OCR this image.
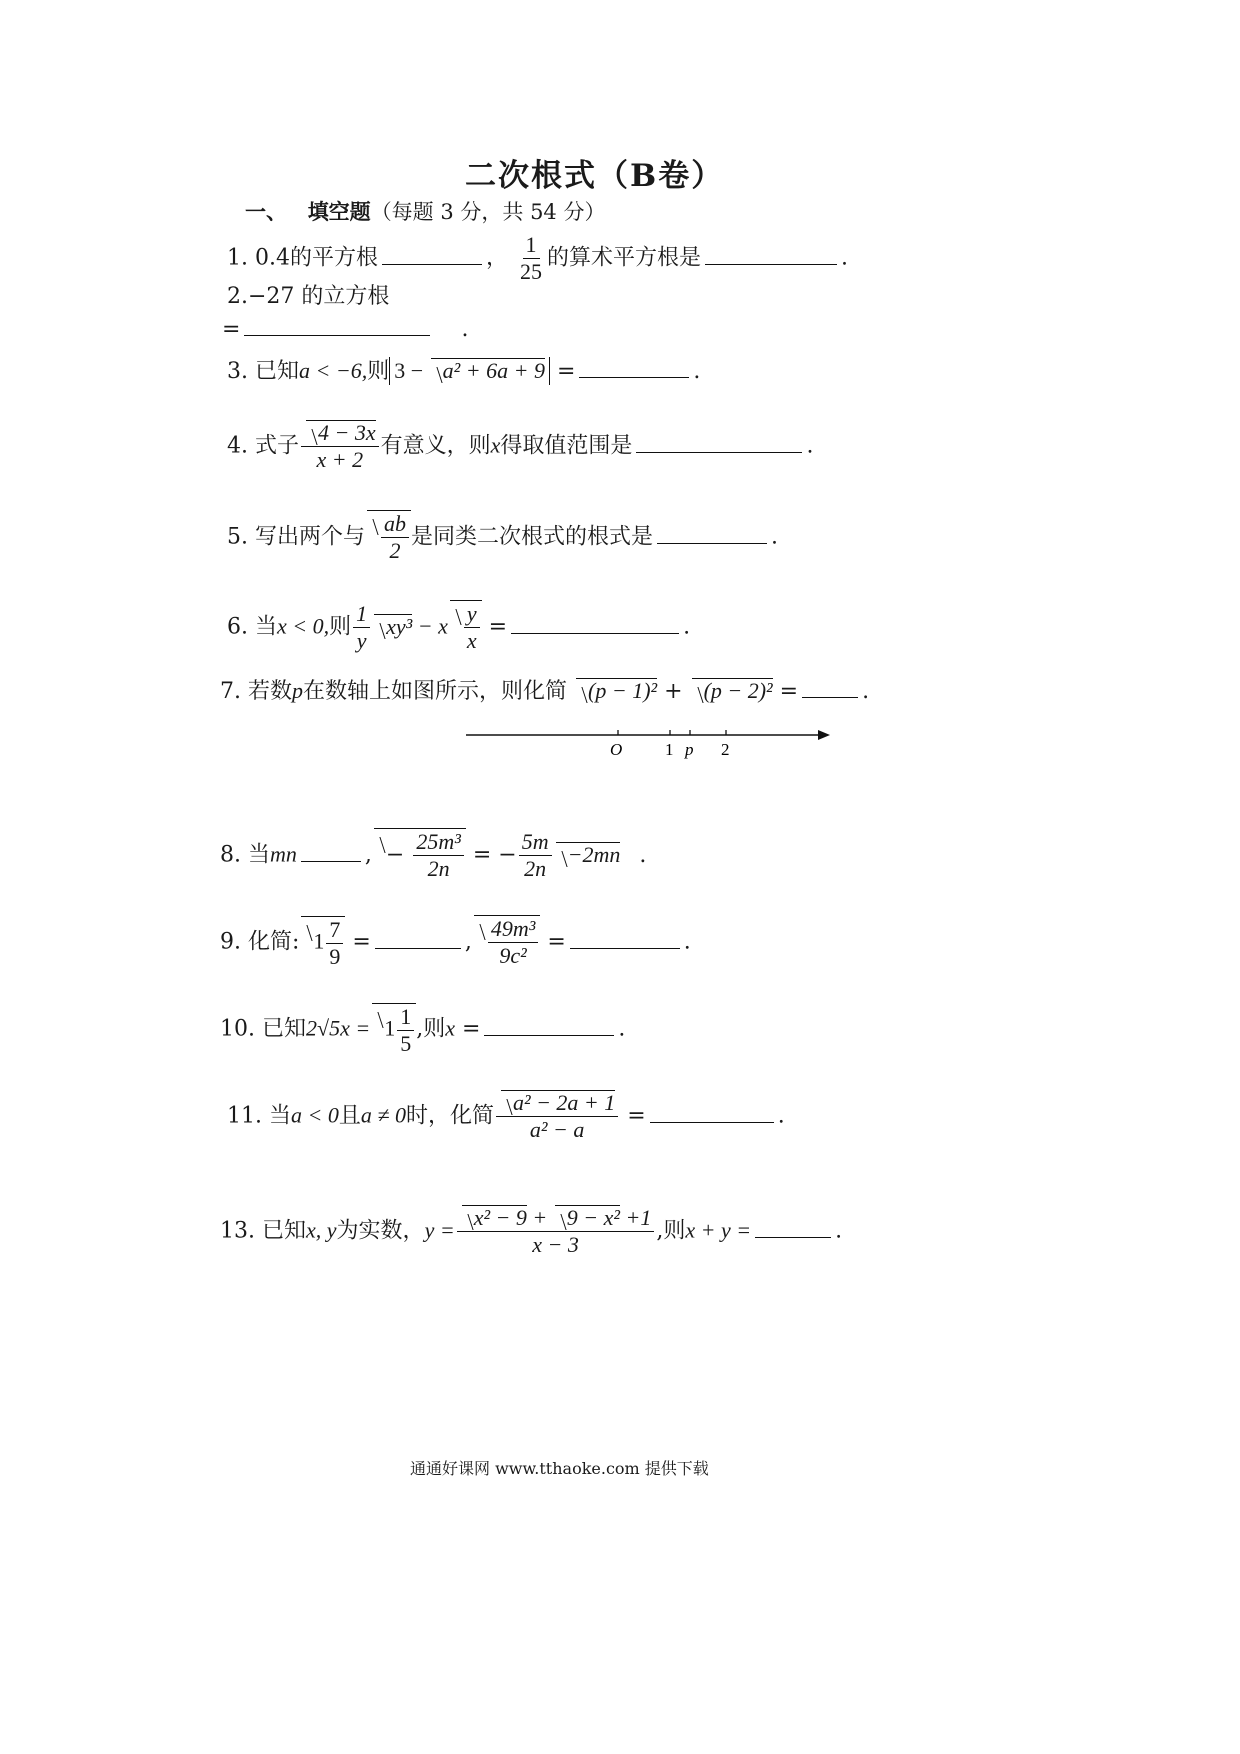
二次根式（B卷）
一、 填空题（每题 3 分，共 54 分）
1. 0.4的平方根	， $\frac{1}{25}$ 的算术平方根是	.
2.−27 的立方根
=	.
3. 已知a < −6,则 3 − a² + 6a + 9 =	.
4. 式子 $\frac{4 - 3x}{x + 2}$ 有意义，则x得取值范围是	.
5. 写出两个与 $\frac{ab}{2}$ 是同类二次根式的根式是	.
6. 当x < 0,则 $\frac{1}{y} xy^3 - x \frac{y}{x}$ =	.
7. 若数p在数轴上如图所示，则化简 (p − 1)² + (p − 2)² =	.
O	1 p 2
8. 当mn	, − $\frac{\text{25m³}}{2n}$ = − $\frac{5m}{2n} -2mn$ .
9. 化简: $1 \frac{7}{9}$ =	, $\frac{\text{49m³}}{\text{9c²}}$ =	.
10. 已知$2√5x = 1 \frac{1}{5}$ ,则x =	.
11. 当a < 0且a ≠ 0时，化简 $\frac{\text{a² − 2a + 1}}{\text{a² − a}}$ =	.
13. 已知x, y为实数，$y = \frac{\text{x² − 9 + 9 − x² +1}}{x - 3}$ ,则x + y =	.
通通好课网 www.tthaoke.com 提供下载
